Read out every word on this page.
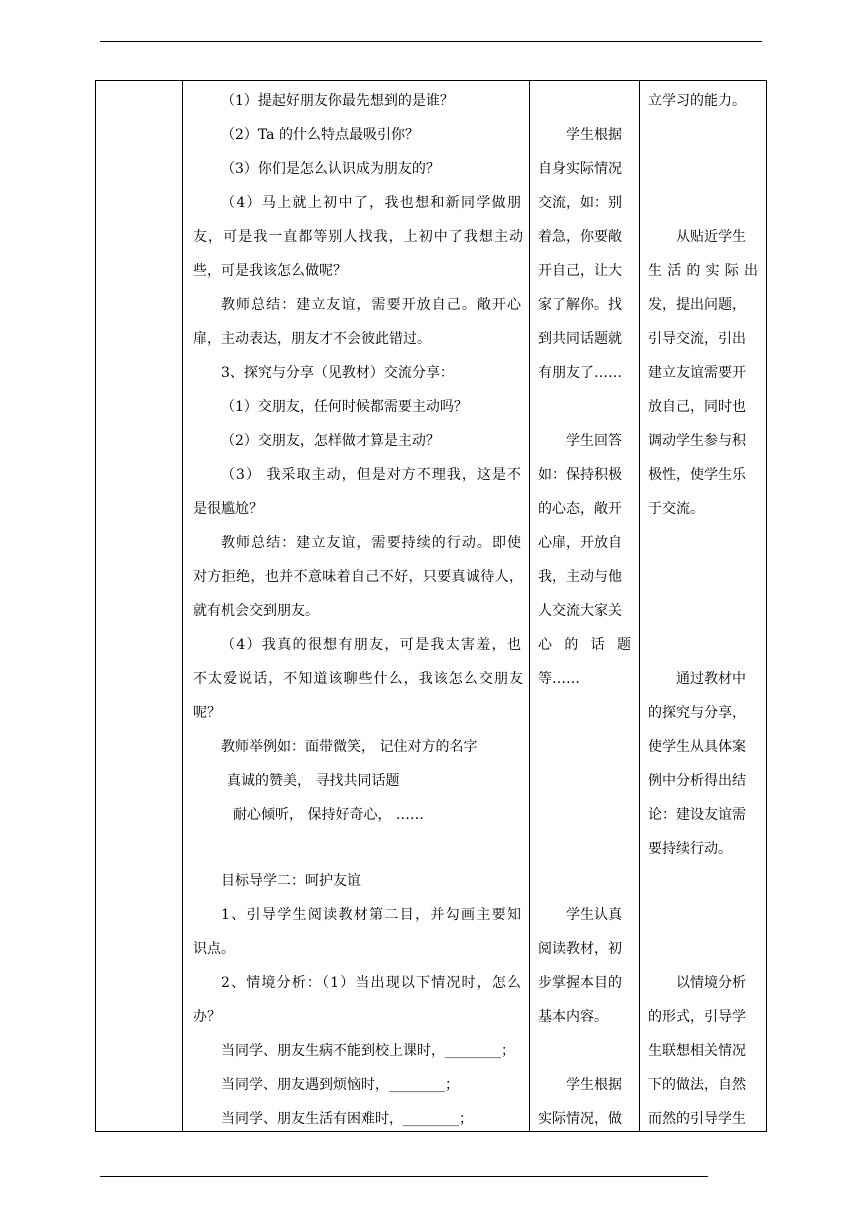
（1）提起好朋友你最先想到的是谁？
（2）Ta 的什么特点最吸引你？
（3）你们是怎么认识成为朋友的？
（4）马上就上初中了，我也想和新同学做朋
友，可是我一直都等别人找我，上初中了我想主动
些，可是我该怎么做呢？
教师总结：建立友谊，需要开放自己。敞开心
扉，主动表达，朋友才不会彼此错过。
3、探究与分享（见教材）交流分享：
（1）交朋友，任何时候都需要主动吗？
（2）交朋友，怎样做才算是主动？
（3） 我采取主动，但是对方不理我，这是不
是很尴尬？
教师总结：建立友谊，需要持续的行动。即使
对方拒绝，也并不意味着自己不好，只要真诚待人，
就有机会交到朋友。
（4）我真的很想有朋友，可是我太害羞，也
不太爱说话，不知道该聊些什么，我该怎么交朋友
呢？
教师举例如：面带微笑， 记住对方的名字
真诚的赞美， 寻找共同话题
耐心倾听， 保持好奇心， ……
目标导学二：呵护友谊
1、引导学生阅读教材第二目，并勾画主要知
识点。
2、情境分析：（1）当出现以下情况时，怎么
办？
当同学、朋友生病不能到校上课时，________；
当同学、朋友遇到烦恼时，________；
当同学、朋友生活有困难时，________；
学生根据
自身实际情况
交流，如：别
着急，你要敞
开自己，让大
家了解你。找
到共同话题就
有朋友了……
学生回答
如：保持积极
的心态，敞开
心扉，开放自
我，主动与他
人交流大家关
心 的 话 题
等……
学生认真
阅读教材，初
步掌握本目的
基本内容。
学生根据
实际情况，做
立学习的能力。
从贴近学生
生 活 的 实 际 出
发，提出问题，
引导交流，引出
建立友谊需要开
放自己，同时也
调动学生参与积
极性，使学生乐
于交流。
通过教材中
的探究与分享，
使学生从具体案
例中分析得出结
论：建设友谊需
要持续行动。
以情境分析
的形式，引导学
生联想相关情况
下的做法，自然
而然的引导学生
